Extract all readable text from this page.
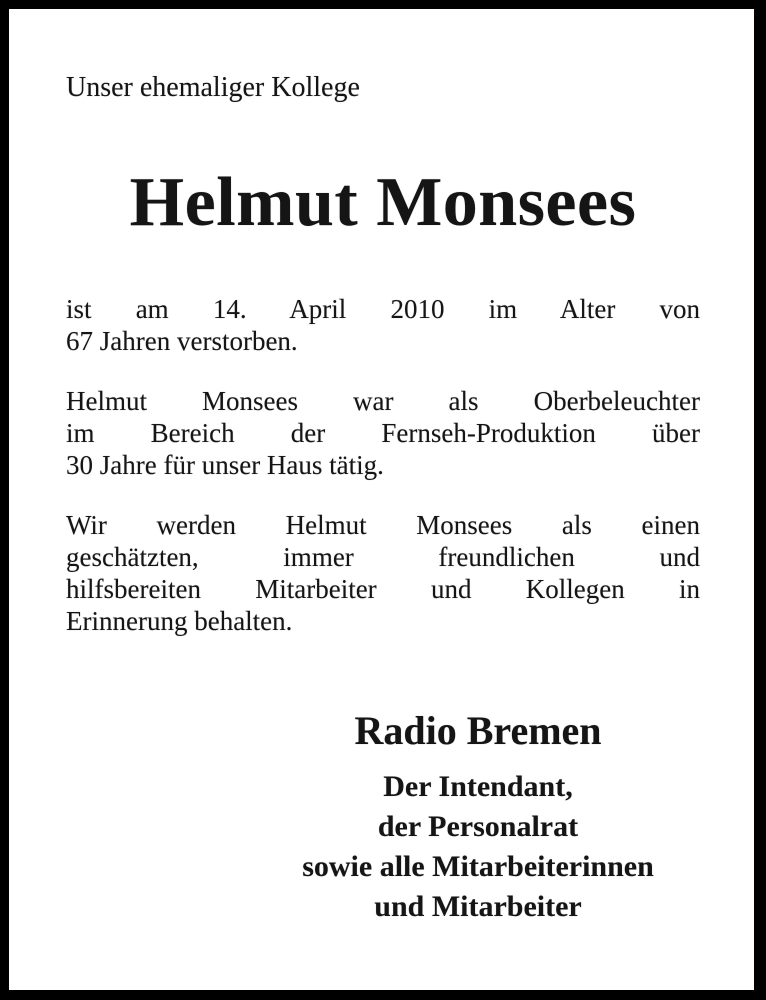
Unser ehemaliger Kollege
Helmut Monsees
ist am 14. April 2010 im Alter von
67 Jahren verstorben.
Helmut Monsees war als Oberbeleuchter
im Bereich der Fernseh-Produktion über
30 Jahre für unser Haus tätig.
Wir werden Helmut Monsees als einen
geschätzten, immer freundlichen und
hilfsbereiten Mitarbeiter und Kollegen in
Erinnerung behalten.
Radio Bremen
Der Intendant,
der Personalrat
sowie alle Mitarbeiterinnen
und Mitarbeiter
